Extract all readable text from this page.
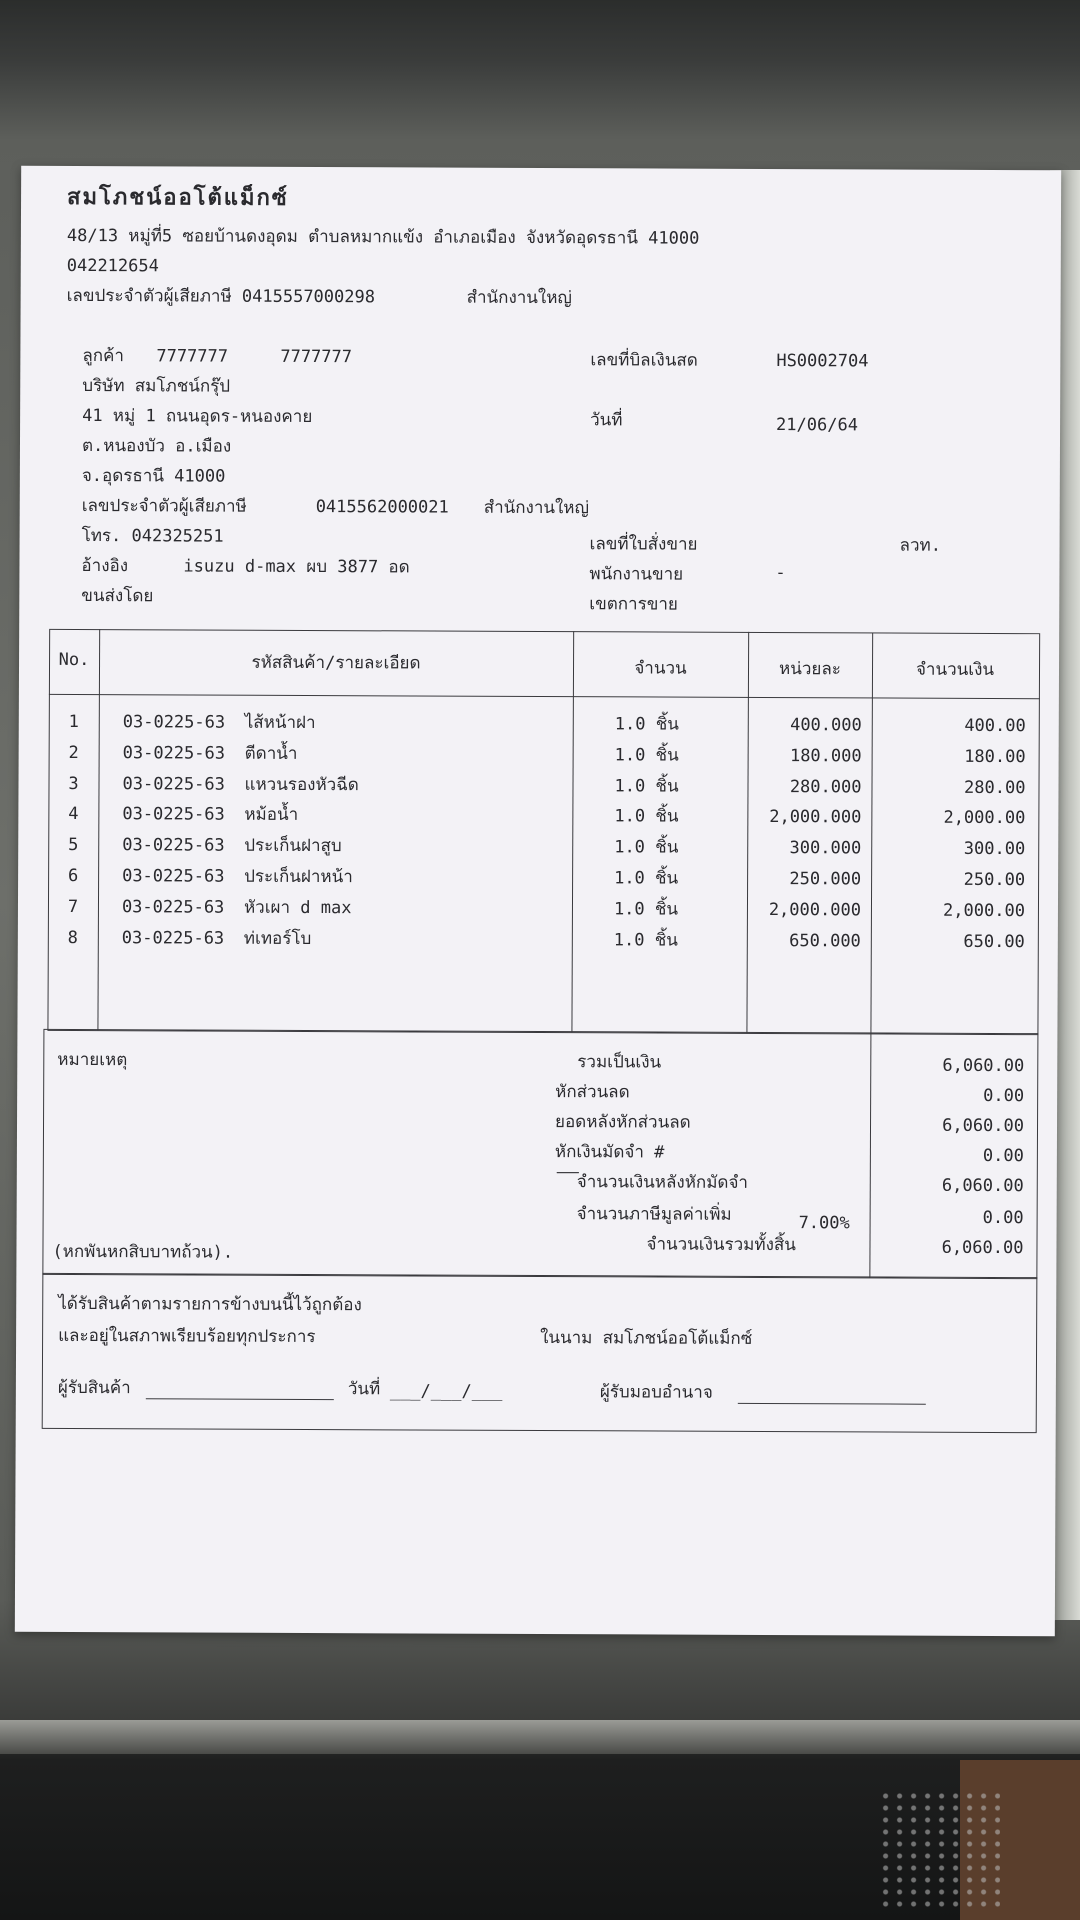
สมโภชน์ออโต้แม็กซ์
48/13 หมู่ที่5 ซอยบ้านดงอุดม ตำบลหมากแข้ง อำเภอเมือง จังหวัดอุดรธานี 41000
042212654
เลขประจำตัวผู้เสียภาษี 0415557000298	สำนักงานใหญ่
ลูกค้า 7777777	7777777
บริษัท สมโภชน์กรุ๊ป
41 หมู่ 1 ถนนอุดร-หนองคาย
ต.หนองบัว อ.เมือง
จ.อุดรธานี 41000
เลขประจำตัวผู้เสียภาษี	0415562000021 สำนักงานใหญ่
โทร. 042325251
อ้างอิง	isuzu d-max ผบ 3877 อด
ขนส่งโดย
เลขที่บิลเงินสด	HS0002704
วันที่	21/06/64
เลขที่ใบสั่งขาย	ลวท.
พนักงานขาย	-
เขตการขาย
No.	รหัสสินค้า/รายละเอียด	จำนวน	หน่วยละ	จำนวนเงิน
1	03-0225-63 ไส้หน้าฝา	1.0 ชิ้น	400.000	400.00
2	03-0225-63 ตีดาน้ำ	1.0 ชิ้น	180.000	180.00
3	03-0225-63 แหวนรองหัวฉีด	1.0 ชิ้น	280.000	280.00
4	03-0225-63 หม้อน้ำ	1.0 ชิ้น	2,000.000	2,000.00
5	03-0225-63 ประเก็นฝาสูบ	1.0 ชิ้น	300.000	300.00
6	03-0225-63 ประเก็นฝาหน้า	1.0 ชิ้น	250.000	250.00
7	03-0225-63 หัวเผา d max	1.0 ชิ้น	2,000.000	2,000.00
8	03-0225-63 ท่เทอร์โบ	1.0 ชิ้น	650.000	650.00
หมายเหตุ
(หกพันหกสิบบาทถ้วน).
รวมเป็นเงิน	6,060.00
หักส่วนลด	0.00
ยอดหลังหักส่วนลด	6,060.00
หักเงินมัดจำ #	0.00
จำนวนเงินหลังหักมัดจำ	6,060.00
จำนวนภาษีมูลค่าเพิ่ม	0.00
จำนวนเงินรวมทั้งสิ้น	6,060.00
7.00%
ได้รับสินค้าตามรายการข้างบนนี้ไว้ถูกต้อง
และอยู่ในสภาพเรียบร้อยทุกประการ	ในนาม สมโภชน์ออโต้แม็กซ์
ผู้รับสินค้า	วันที่ ___/___/___	ผู้รับมอบอำนาจ
